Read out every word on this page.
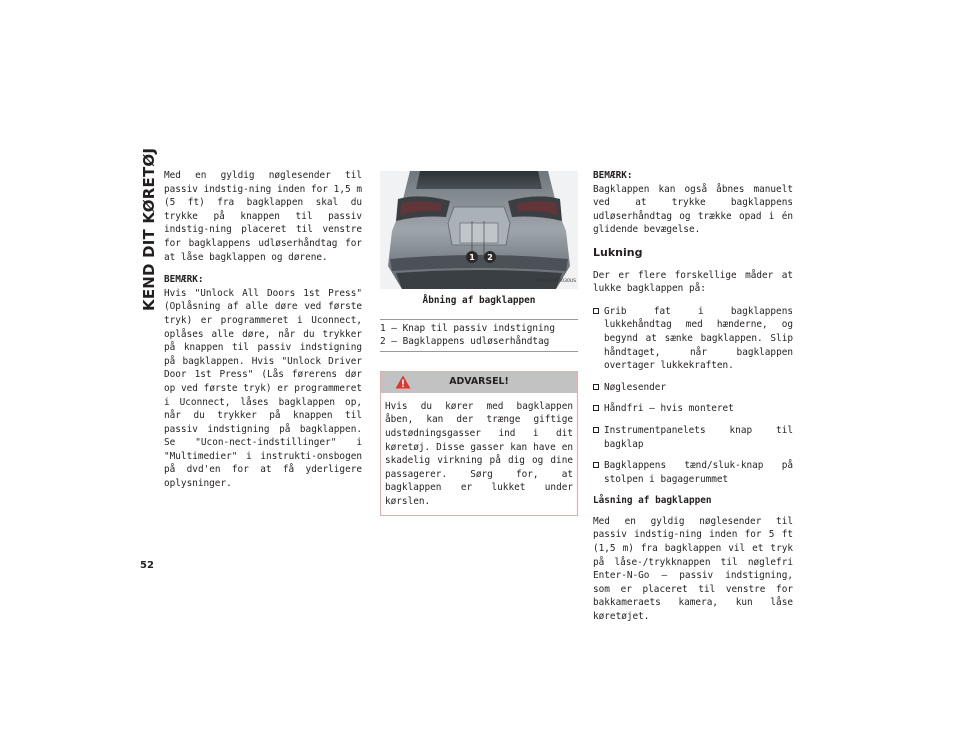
KEND DIT KØRETØJ
52

Med en gyldig nøglesender til passiv indstig-ning inden for 1,5 m (5 ft) fra bagklappen skal du trykke på knappen til passiv indstig-ning placeret til venstre for bagklappens udløserhåndtag for at låse bagklappen og dørene.

BEMÆRK:
Hvis "Unlock All Doors 1st Press" (Oplåsning af alle døre ved første tryk) er programmeret i Uconnect, oplåses alle døre, når du trykker på knappen til passiv indstigning på bagklappen. Hvis "Unlock Driver Door 1st Press" (Lås førerens dør op ved første tryk) er programmeret i Uconnect, låses bagklappen op, når du trykker på knappen til passiv indstigning på bagklappen. Se "Ucon-nect-indstillinger" i "Multimedier" i instrukti-onsbogen på dvd'en for at få yderligere oplysninger.

1 2
M0310000030US
Åbning af bagklappen
1 – Knap til passiv indstigning
2 – Bagklappens udløserhåndtag
ADVARSEL!

Hvis du kører med bagklappen åben, kan der trænge giftige udstødningsgasser ind i dit køretøj. Disse gasser kan have en skadelig virkning på dig og dine passagerer. Sørg for, at bagklappen er lukket under kørslen.

BEMÆRK:
Bagklappen kan også åbnes manuelt ved at trykke bagklappens udløserhåndtag og trække opad i én glidende bevægelse.

Lukning

Der er flere forskellige måder at lukke bagklappen på:

Grib fat i bagklappens lukkehåndtag med hænderne, og begynd at sænke bagklappen. Slip håndtaget, når bagklappen overtager lukkekraften.
Nøglesender
Håndfri – hvis monteret
Instrumentpanelets knap til bagklap
Bagklappens tænd/sluk-knap på stolpen i bagagerummet
Låsning af bagklappen

Med en gyldig nøglesender til passiv indstig-ning inden for 5 ft (1,5 m) fra bagklappen vil et tryk på låse-/trykknappen til nøglefri Enter-N-Go – passiv indstigning, som er placeret til venstre for bakkameraets kamera, kun låse køretøjet.
